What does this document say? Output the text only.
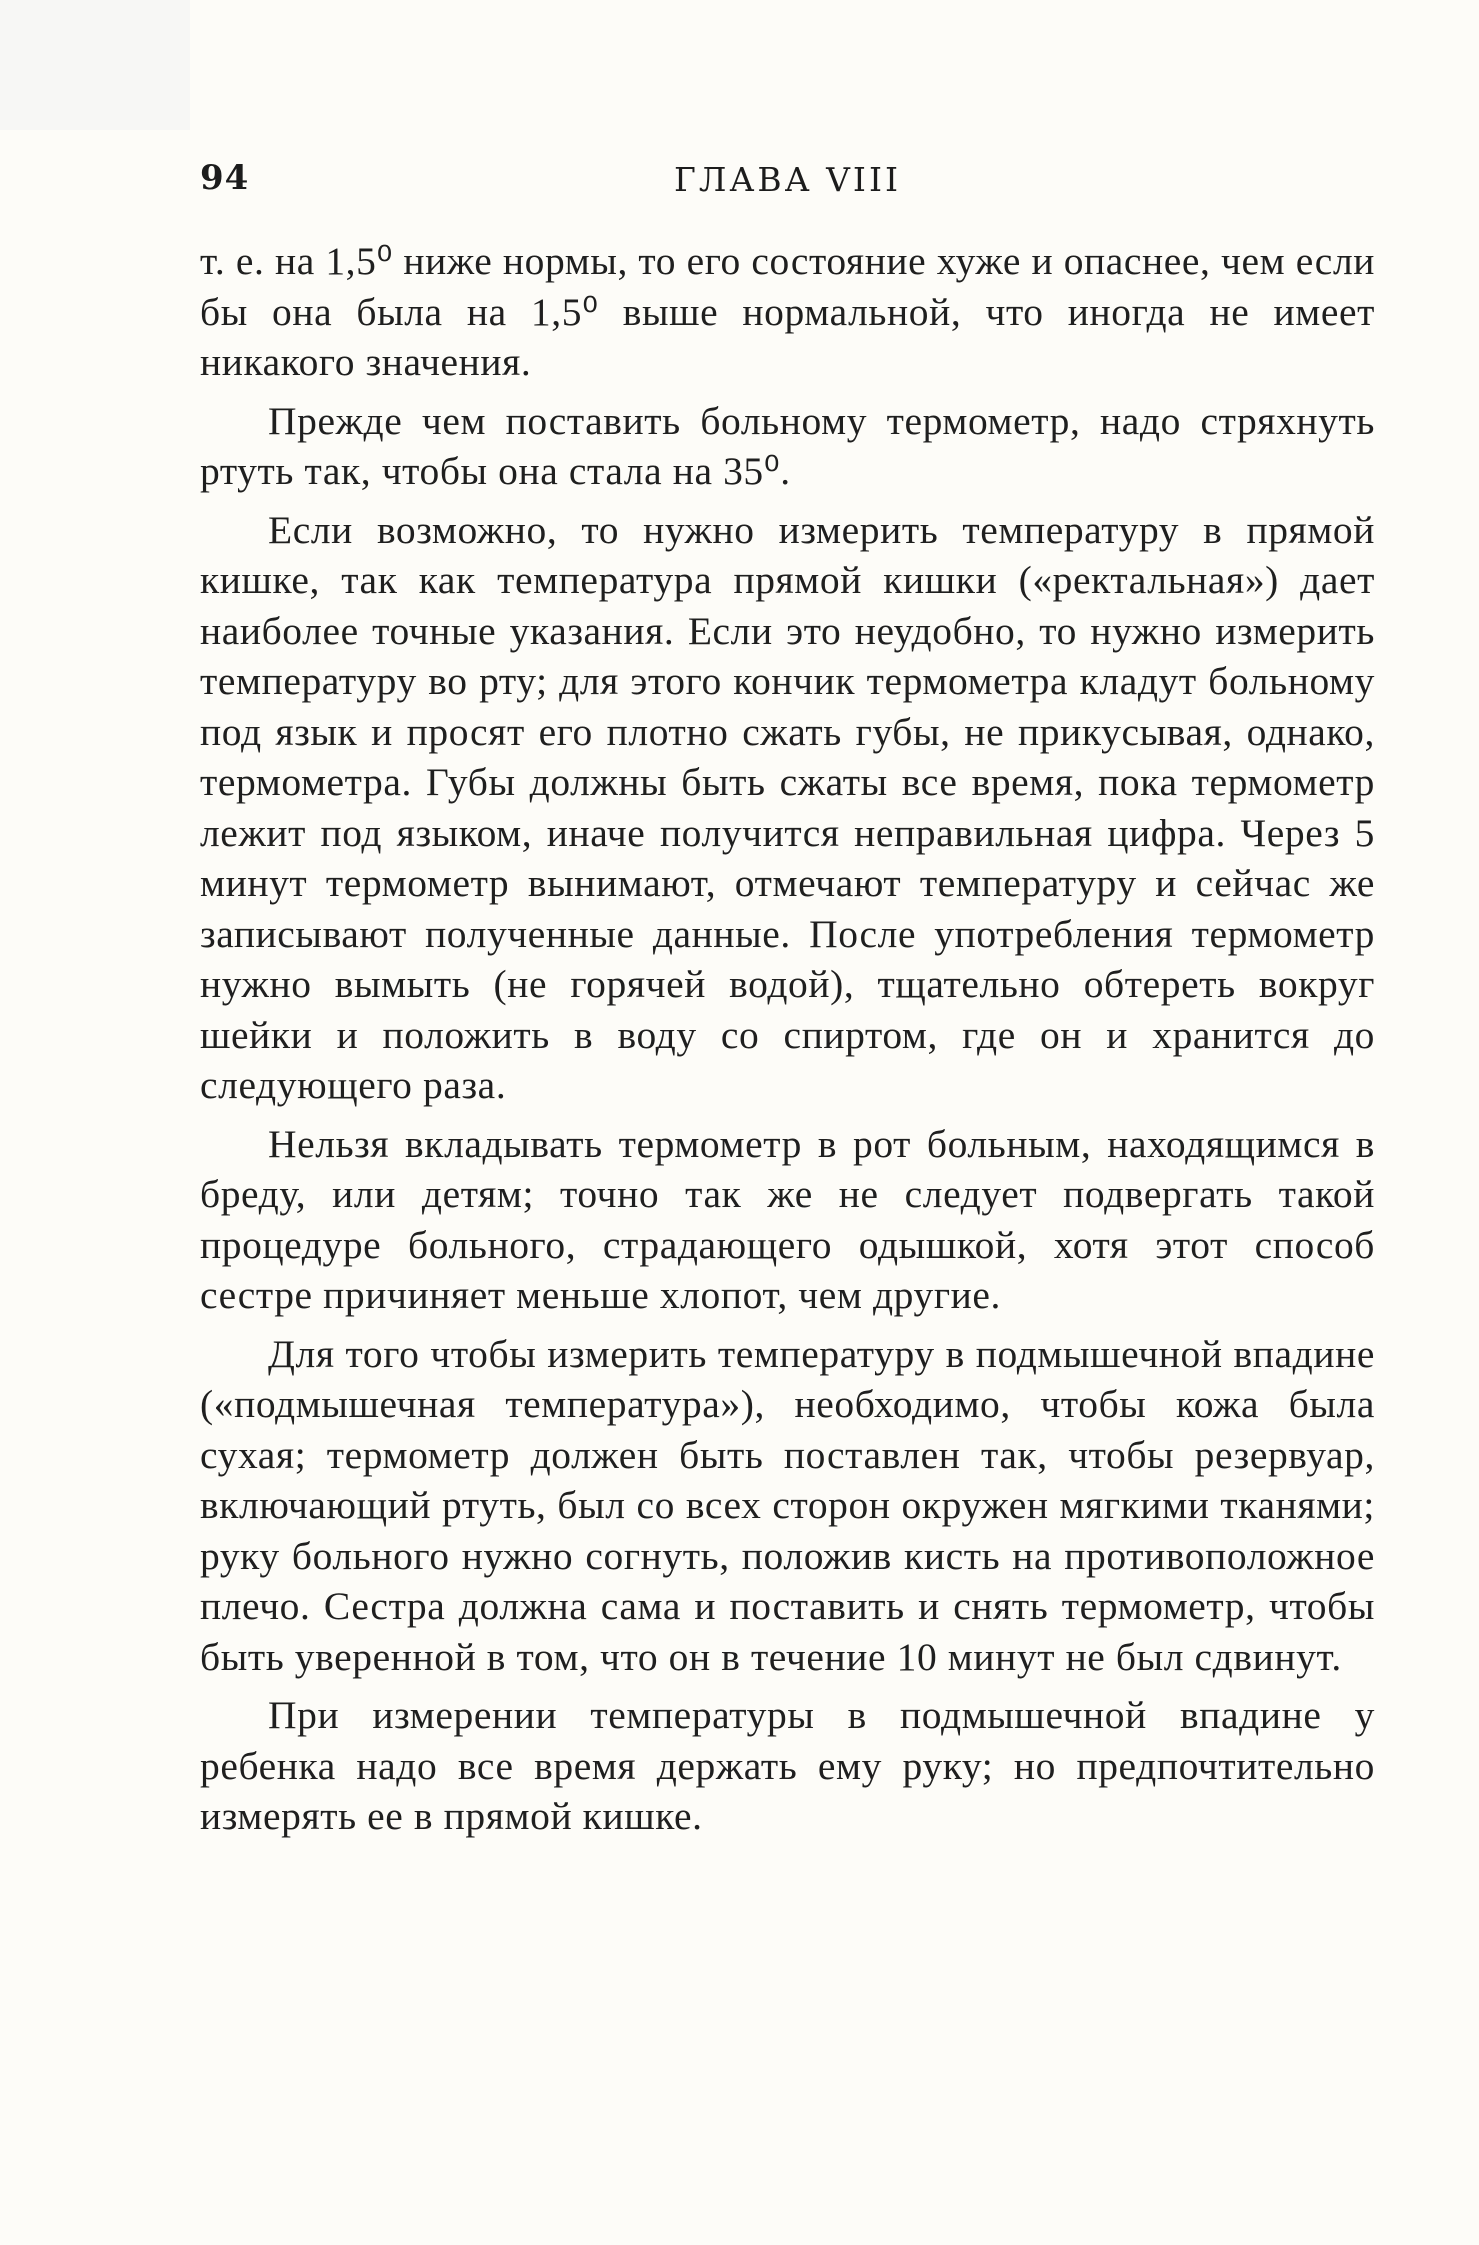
94	ГЛАВА VIII

т. е. на 1,5⁰ ниже нормы, то его состояние хуже и опаснее, чем если бы она была на 1,5⁰ выше нормальной, что иногда не имеет никакого значения.

Прежде чем поставить больному термометр, надо стряхнуть ртуть так, чтобы она стала на 35⁰.

Если возможно, то нужно измерить температуру в прямой кишке, так как температура прямой кишки («ректальная») дает наиболее точные указания. Если это неудобно, то нужно измерить температуру во рту; для этого кончик термометра кладут больному под язык и просят его плотно сжать губы, не прикусывая, однако, термометра. Губы должны быть сжаты все время, пока термометр лежит под языком, иначе получится неправильная цифра. Через 5 минут термометр вынимают, отмечают температуру и сейчас же записывают полученные данные. После употребления термометр нужно вымыть (не горячей водой), тщательно обтереть вокруг шейки и положить в воду со спиртом, где он и хранится до следующего раза.

Нельзя вкладывать термометр в рот больным, находящимся в бреду, или детям; точно так же не следует подвергать такой процедуре больного, страдающего одышкой, хотя этот способ сестре причиняет меньше хлопот, чем другие.

Для того чтобы измерить температуру в подмышечной впадине («подмышечная температура»), необходимо, чтобы кожа была сухая; термометр должен быть поставлен так, чтобы резервуар, включающий ртуть, был со всех сторон окружен мягкими тканями; руку больного нужно согнуть, положив кисть на противоположное плечо. Сестра должна сама и поставить и снять термометр, чтобы быть уверенной в том, что он в течение 10 минут не был сдвинут.

При измерении температуры в подмышечной впадине у ребенка надо все время держать ему руку; но предпочтительно измерять ее в прямой кишке.
